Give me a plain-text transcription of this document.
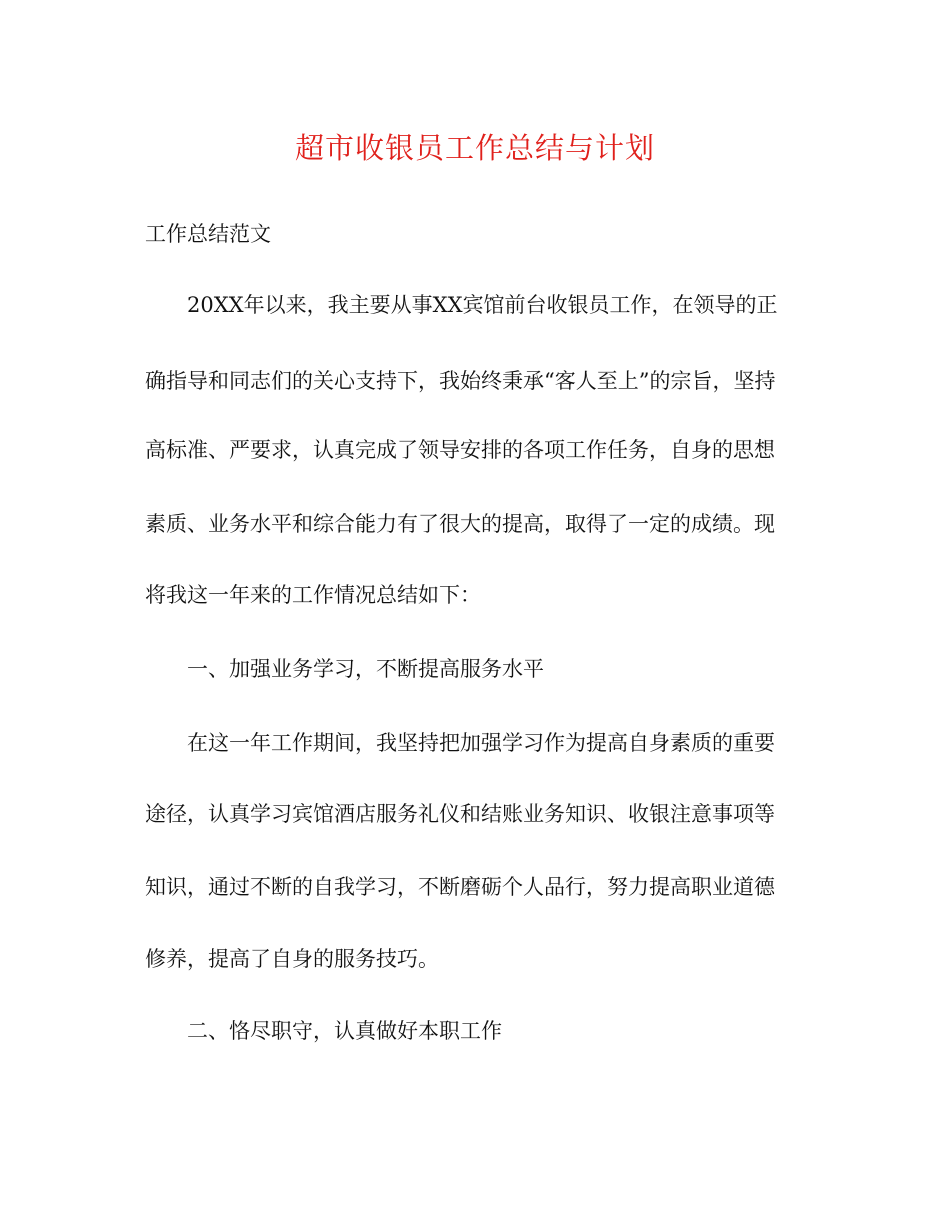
超市收银员工作总结与计划
工作总结范文
20XX年以来，我主要从事XX宾馆前台收银员工作，在领导的正
确指导和同志们的关心支持下，我始终秉承“客人至上”的宗旨，坚持
高标准、严要求，认真完成了领导安排的各项工作任务，自身的思想
素质、业务水平和综合能力有了很大的提高，取得了一定的成绩。现
将我这一年来的工作情况总结如下：
一、加强业务学习，不断提高服务水平
在这一年工作期间，我坚持把加强学习作为提高自身素质的重要
途径，认真学习宾馆酒店服务礼仪和结账业务知识、收银注意事项等
知识，通过不断的自我学习，不断磨砺个人品行，努力提高职业道德
修养，提高了自身的服务技巧。
二、恪尽职守，认真做好本职工作
